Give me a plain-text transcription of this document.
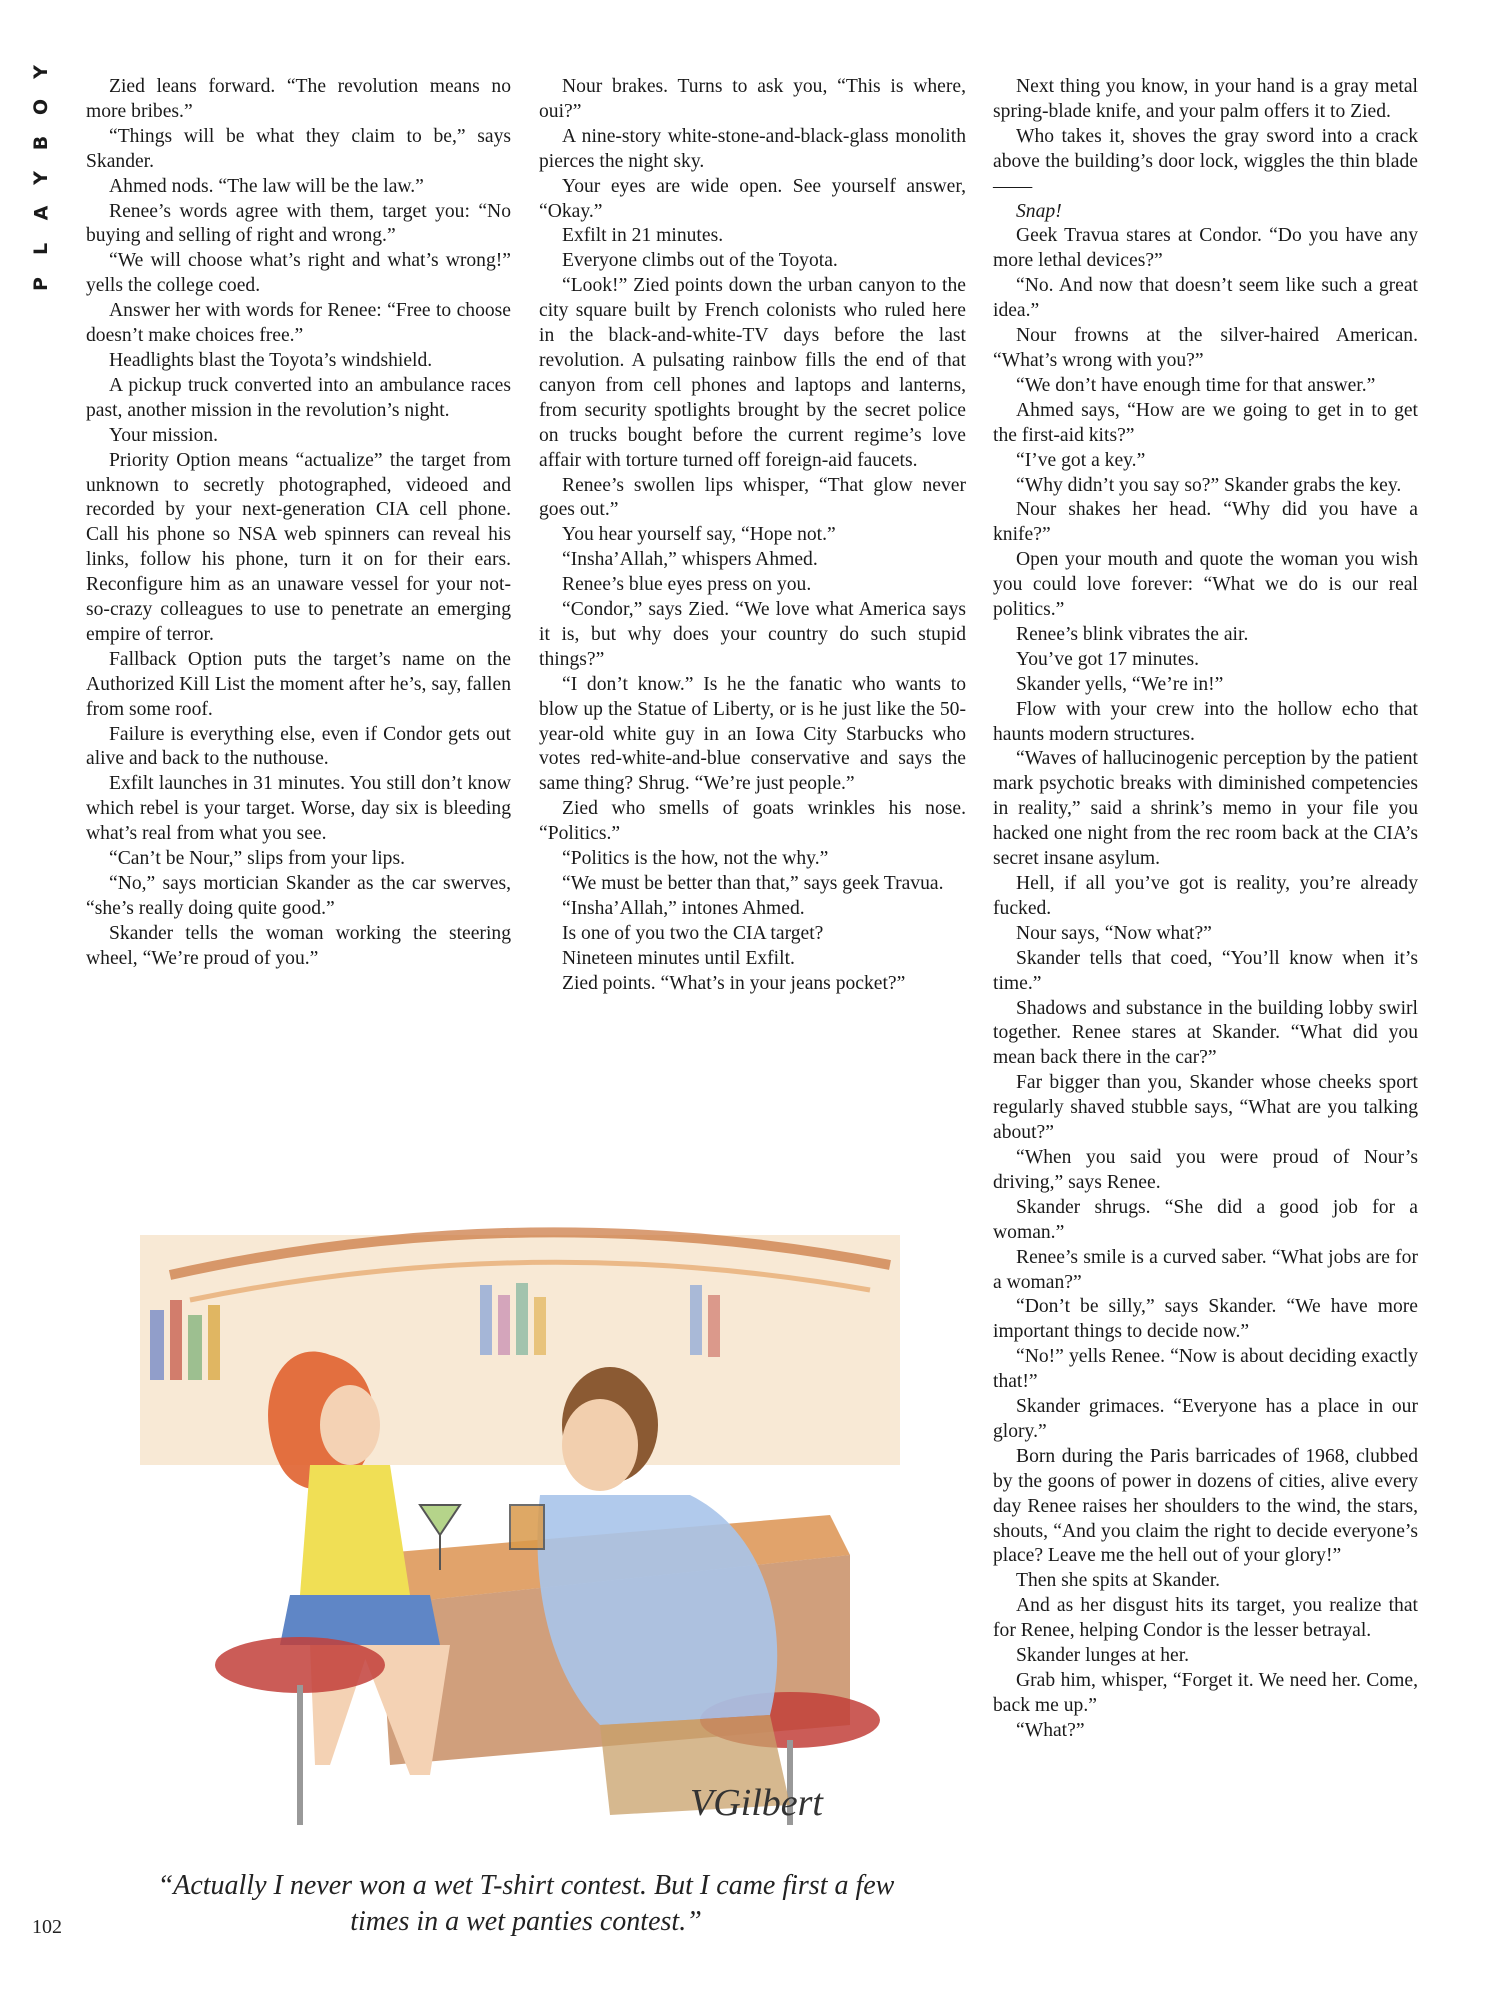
Y
O
B
Y
A
L
P

Zied leans forward. “The revolution means no more bribes.”

“Things will be what they claim to be,” says Skander.

Ahmed nods. “The law will be the law.”

Renee’s words agree with them, target you: “No buying and selling of right and wrong.”

“We will choose what’s right and what’s wrong!” yells the college coed.

Answer her with words for Renee: “Free to choose doesn’t make choices free.”

Headlights blast the Toyota’s windshield.

A pickup truck converted into an ambulance races past, another mission in the revolution’s night.

Your mission.

Priority Option means “actualize” the target from unknown to secretly photographed, videoed and recorded by your next-generation CIA cell phone. Call his phone so NSA web spinners can reveal his links, follow his phone, turn it on for their ears. Reconfigure him as an unaware vessel for your not-so-crazy colleagues to use to penetrate an emerging empire of terror.

Fallback Option puts the target’s name on the Authorized Kill List the moment after he’s, say, fallen from some roof.

Failure is everything else, even if Condor gets out alive and back to the nuthouse.

Exfilt launches in 31 minutes. You still don’t know which rebel is your target. Worse, day six is bleeding what’s real from what you see.

“Can’t be Nour,” slips from your lips.

“No,” says mortician Skander as the car swerves, “she’s really doing quite good.”

Skander tells the woman working the steering wheel, “We’re proud of you.”

Nour brakes. Turns to ask you, “This is where, oui?”

A nine-story white-stone-and-black-glass monolith pierces the night sky.

Your eyes are wide open. See yourself answer, “Okay.”

Exfilt in 21 minutes.

Everyone climbs out of the Toyota.

“Look!” Zied points down the urban canyon to the city square built by French colonists who ruled here in the black-and-white-TV days before the last revolution. A pulsating rainbow fills the end of that canyon from cell phones and laptops and lanterns, from security spotlights brought by the secret police on trucks bought before the current regime’s love affair with torture turned off foreign-aid faucets.

Renee’s swollen lips whisper, “That glow never goes out.”

You hear yourself say, “Hope not.”

“Insha’Allah,” whispers Ahmed.

Renee’s blue eyes press on you.

“Condor,” says Zied. “We love what America says it is, but why does your country do such stupid things?”

“I don’t know.” Is he the fanatic who wants to blow up the Statue of Liberty, or is he just like the 50-year-old white guy in an Iowa City Starbucks who votes red-white-and-blue conservative and says the same thing? Shrug. “We’re just people.”

Zied who smells of goats wrinkles his nose. “Politics.”

“Politics is the how, not the why.”

“We must be better than that,” says geek Travua.

“Insha’Allah,” intones Ahmed.

Is one of you two the CIA target?

Nineteen minutes until Exfilt.

Zied points. “What’s in your jeans pocket?”

Next thing you know, in your hand is a gray metal spring-blade knife, and your palm offers it to Zied.

Who takes it, shoves the gray sword into a crack above the building’s door lock, wiggles the thin blade——

Snap!

Geek Travua stares at Condor. “Do you have any more lethal devices?”

“No. And now that doesn’t seem like such a great idea.”

Nour frowns at the silver-haired American. “What’s wrong with you?”

“We don’t have enough time for that answer.”

Ahmed says, “How are we going to get in to get the first-aid kits?”

“I’ve got a key.”

“Why didn’t you say so?” Skander grabs the key.

Nour shakes her head. “Why did you have a knife?”

Open your mouth and quote the woman you wish you could love forever: “What we do is our real politics.”

Renee’s blink vibrates the air.

You’ve got 17 minutes.

Skander yells, “We’re in!”

Flow with your crew into the hollow echo that haunts modern structures.

“Waves of hallucinogenic perception by the patient mark psychotic breaks with diminished competencies in reality,” said a shrink’s memo in your file you hacked one night from the rec room back at the CIA’s secret insane asylum.

Hell, if all you’ve got is reality, you’re already fucked.

Nour says, “Now what?”

Skander tells that coed, “You’ll know when it’s time.”

Shadows and substance in the building lobby swirl together. Renee stares at Skander. “What did you mean back there in the car?”

Far bigger than you, Skander whose cheeks sport regularly shaved stubble says, “What are you talking about?”

“When you said you were proud of Nour’s driving,” says Renee.

Skander shrugs. “She did a good job for a woman.”

Renee’s smile is a curved saber. “What jobs are for a woman?”

“Don’t be silly,” says Skander. “We have more important things to decide now.”

“No!” yells Renee. “Now is about deciding exactly that!”

Skander grimaces. “Everyone has a place in our glory.”

Born during the Paris barricades of 1968, clubbed by the goons of power in dozens of cities, alive every day Renee raises her shoulders to the wind, the stars, shouts, “And you claim the right to decide everyone’s place? Leave me the hell out of your glory!”

Then she spits at Skander.

And as her disgust hits its target, you realize that for Renee, helping Condor is the lesser betrayal.

Skander lunges at her.

Grab him, whisper, “Forget it. We need her. Come, back me up.”

“What?”

VGilbert
“Actually I never won a wet T-shirt contest. But I came first a few
times in a wet panties contest.”
102
